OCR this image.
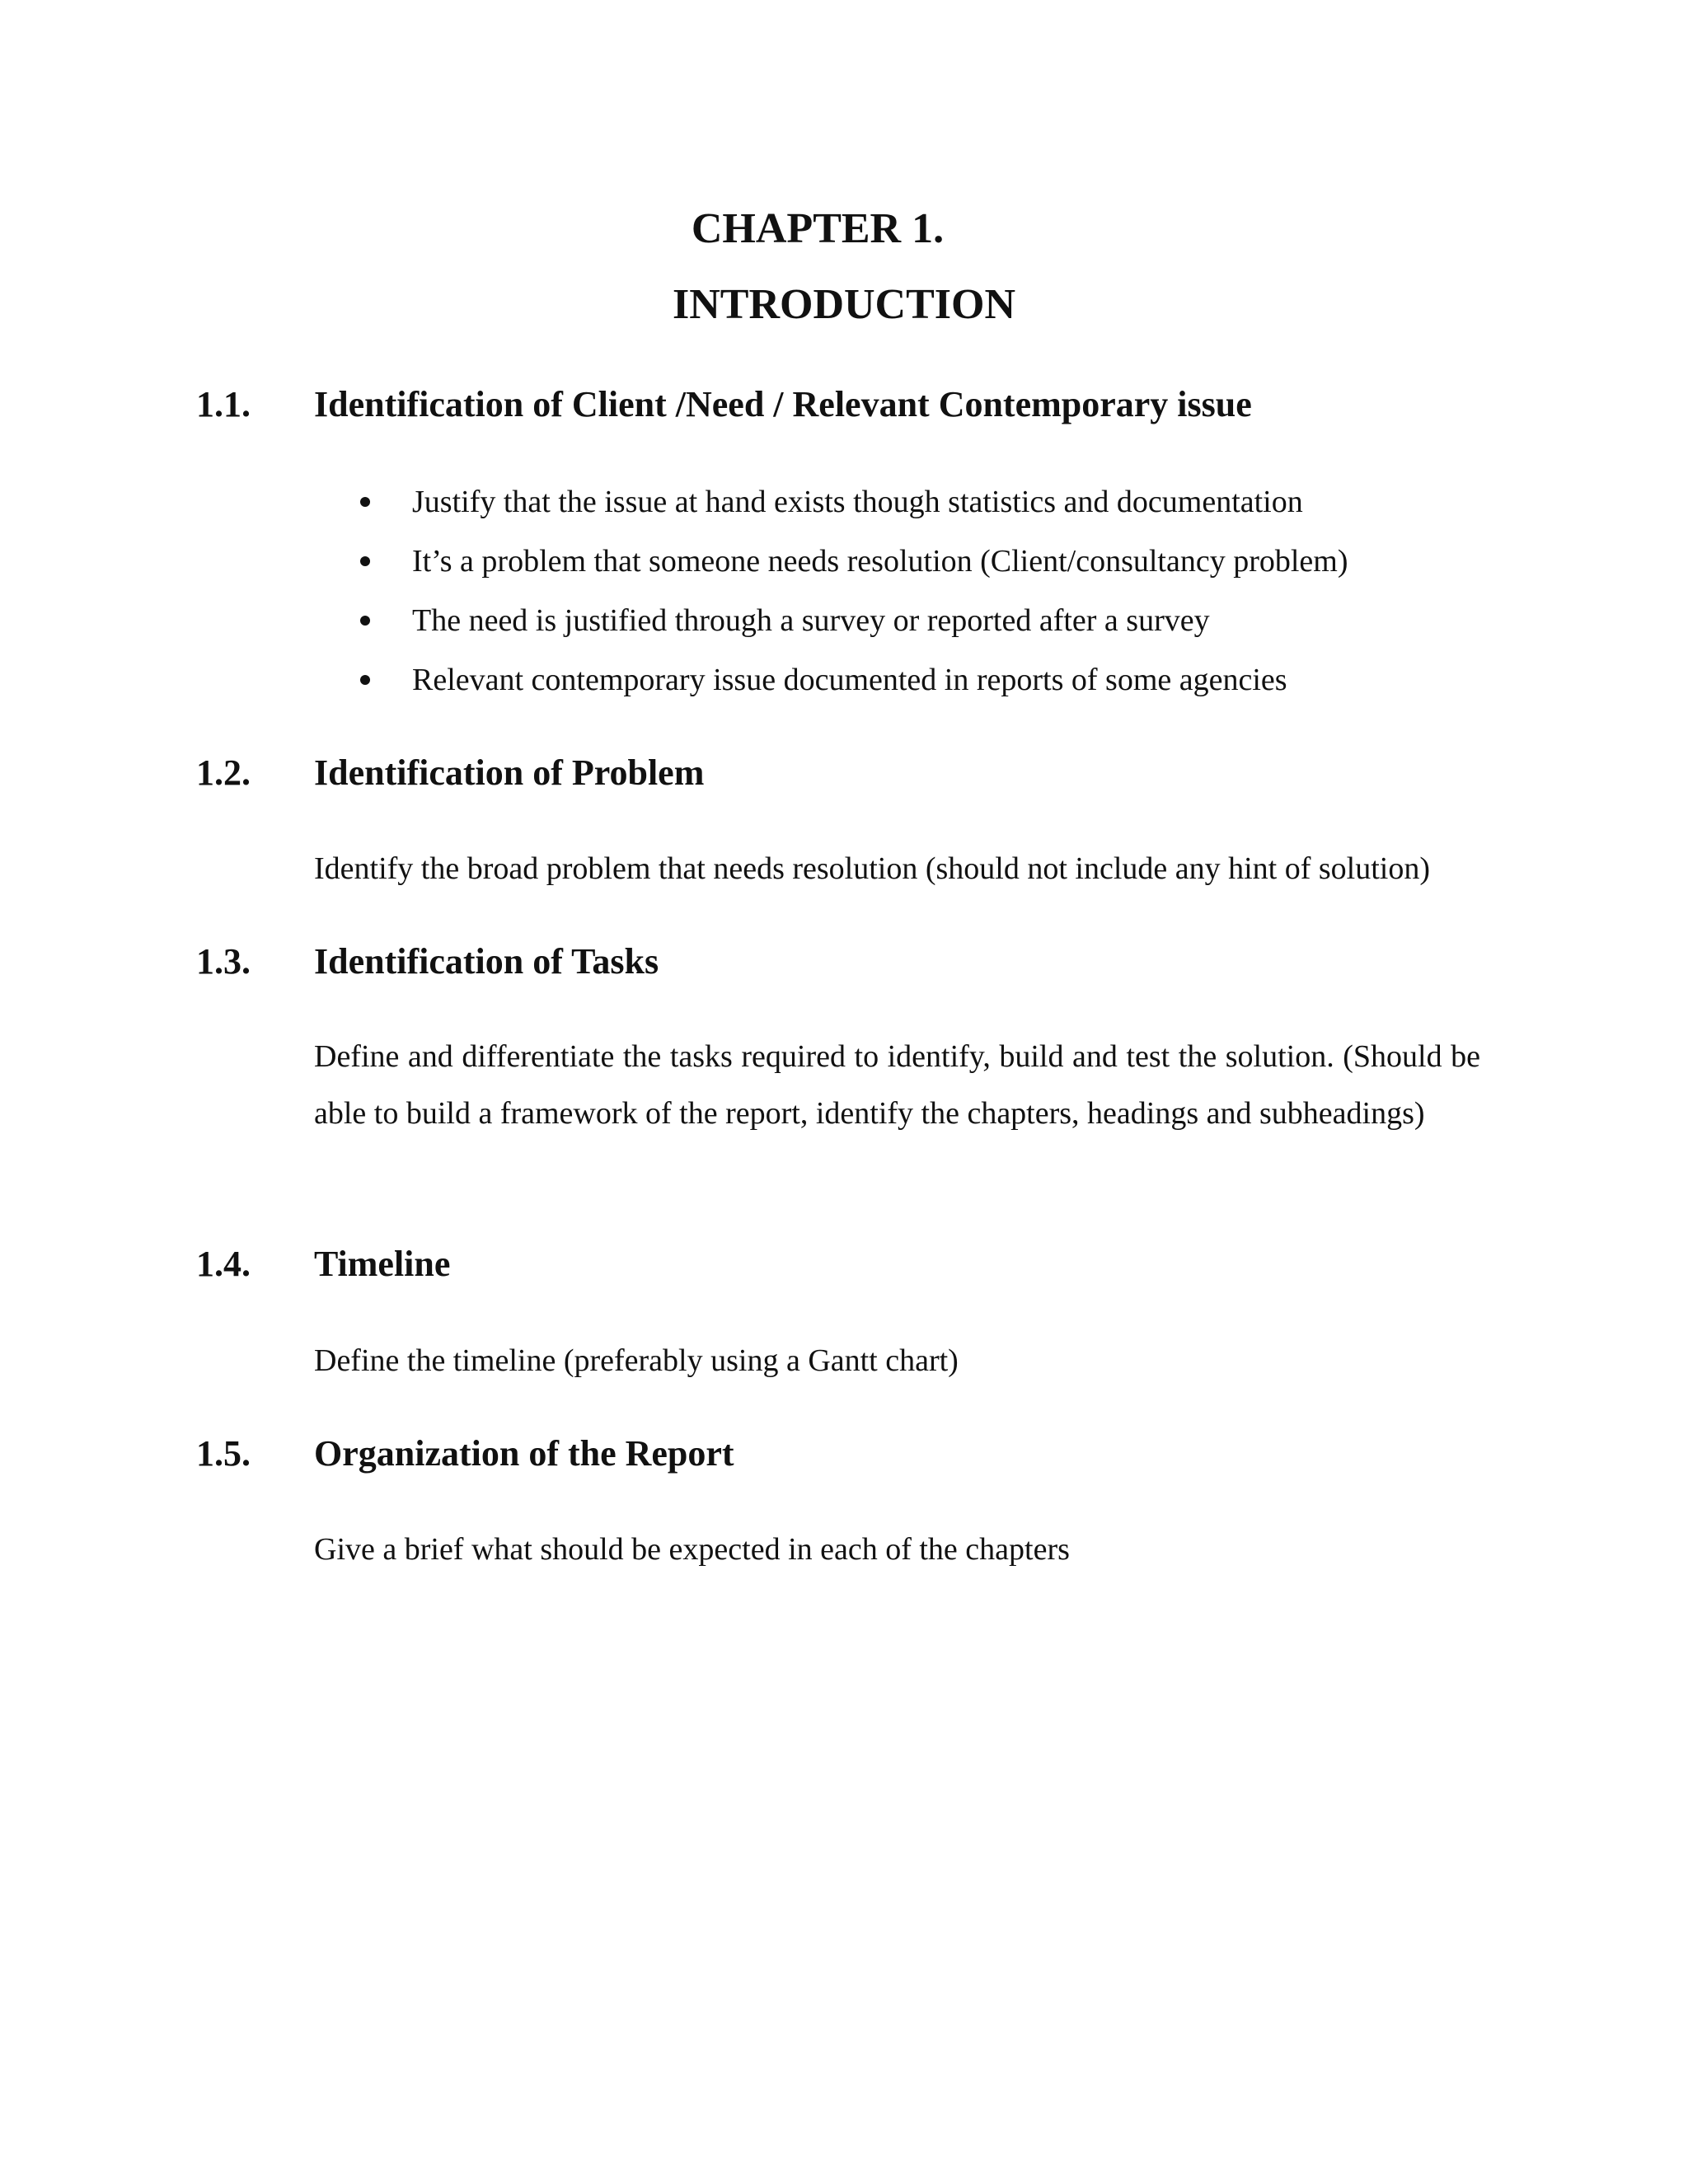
CHAPTER 1.
INTRODUCTION
1.1. Identification of Client /Need / Relevant Contemporary issue
Justify that the issue at hand exists though statistics and documentation
It’s a problem that someone needs resolution (Client/consultancy problem)
The need is justified through a survey or reported after a survey
Relevant contemporary issue documented in reports of some agencies
1.2. Identification of Problem
Identify the broad problem that needs resolution (should not include any hint of solution)
1.3. Identification of Tasks
Define and differentiate the tasks required to identify, build and test the solution. (Should be able to build a framework of the report, identify the chapters, headings and subheadings)
1.4. Timeline
Define the timeline (preferably using a Gantt chart)
1.5. Organization of the Report
Give a brief what should be expected in each of the chapters
